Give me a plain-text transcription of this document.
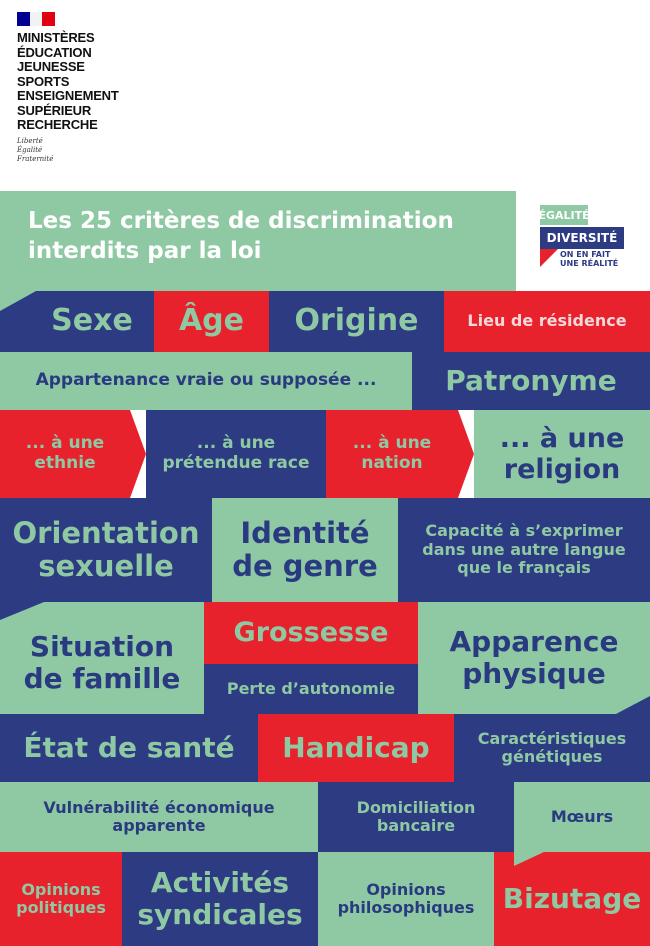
MINISTÈRES
ÉDUCATION
JEUNESSE
SPORTS
ENSEIGNEMENT
SUPÉRIEUR
RECHERCHE
Liberté
Égalité
Fraternité
Les 25 critères de discrimination
interdits par la loi
ÉGALITÉ
DIVERSITÉ
ON EN FAIT
UNE RÉALITÉ
Sexe	Âge	Origine	Lieu de résidence
Appartenance vraie ou supposée ...	Patronyme
... à une
ethnie
... à une
prétendue race
... à une
nation
... à une
religion
Orientation
sexuelle
Identité
de genre
Capacité à s’exprimer
dans une autre langue
que le français
Situation
de famille
Grossesse
Perte d’autonomie
Apparence
physique
État de santé	Handicap	Caractéristiques
génétiques
Vulnérabilité économique
apparente
Domiciliation
bancaire	Mœurs
Opinions
politiques
Activités
syndicales
Opinions
philosophiques	Bizutage
